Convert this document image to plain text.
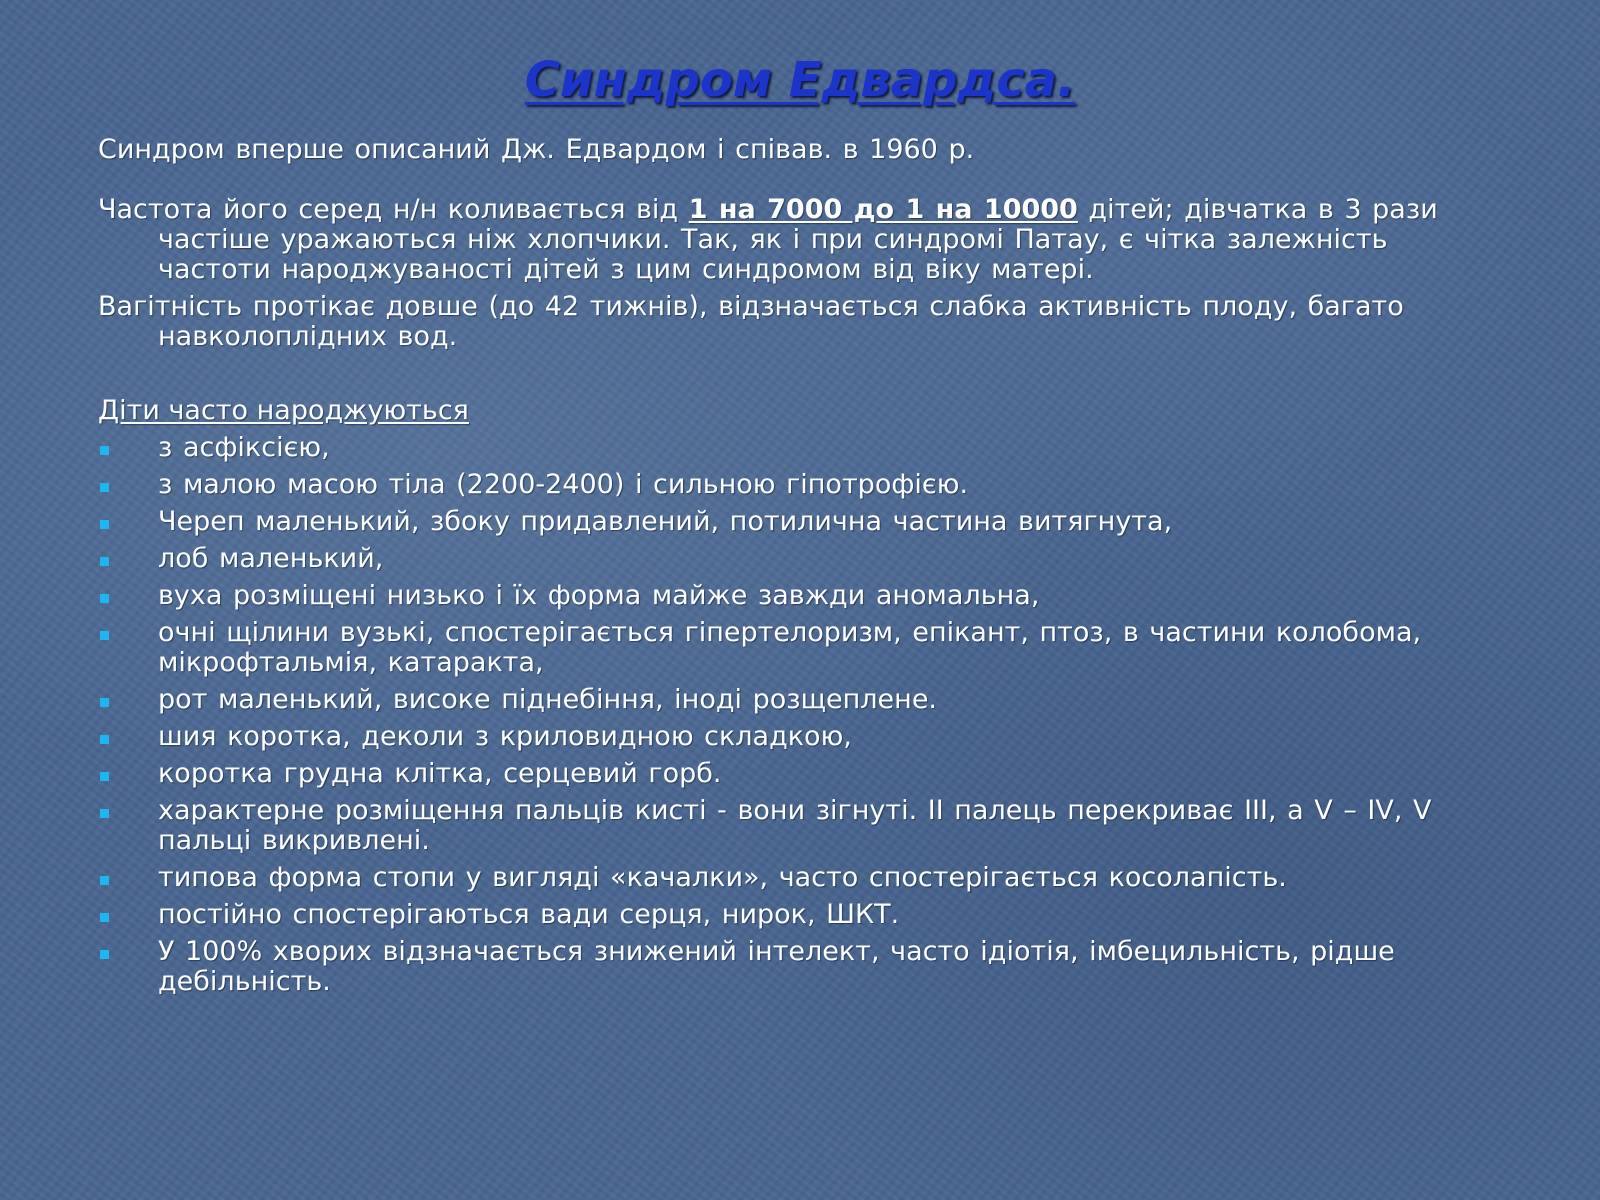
Синдром Едвардса.

Синдром вперше описаний Дж. Едвардом і співав. в 1960 р.

Частота його серед н/н коливається від 1 на 7000 до 1 на 10000 дітей; дівчатка в 3 рази частіше уражаються ніж хлопчики. Так, як і при синдромі Патау, є чітка залежність частоти народжуваності дітей з цим синдромом від віку матері.

Вагітність протікає довше (до 42 тижнів), відзначається слабка активність плоду, багато навколоплідних вод.

Діти часто народжуються

з асфіксією,
з малою масою тіла (2200-2400) і сильною гіпотрофією.
Череп маленький, збоку придавлений, потилична частина витягнута,
лоб маленький,
вуха розміщені низько і їх форма майже завжди аномальна,
очні щілини вузькі, спостерігається гіпертелоризм, епікант, птоз, в частини колобома, мікрофтальмія, катаракта,
рот маленький, високе піднебіння, іноді розщеплене.
шия коротка, деколи з криловидною складкою,
коротка грудна клітка, серцевий горб.
характерне розміщення пальців кисті - вони зігнуті. II палець перекриває III, а V – IV, V пальці викривлені.
типова форма стопи у вигляді «качалки», часто спостерігається косолапість.
постійно спостерігаються вади серця, нирок, ШКТ.
У 100% хворих відзначається знижений інтелект, часто ідіотія, імбецильність, рідше дебільність.
